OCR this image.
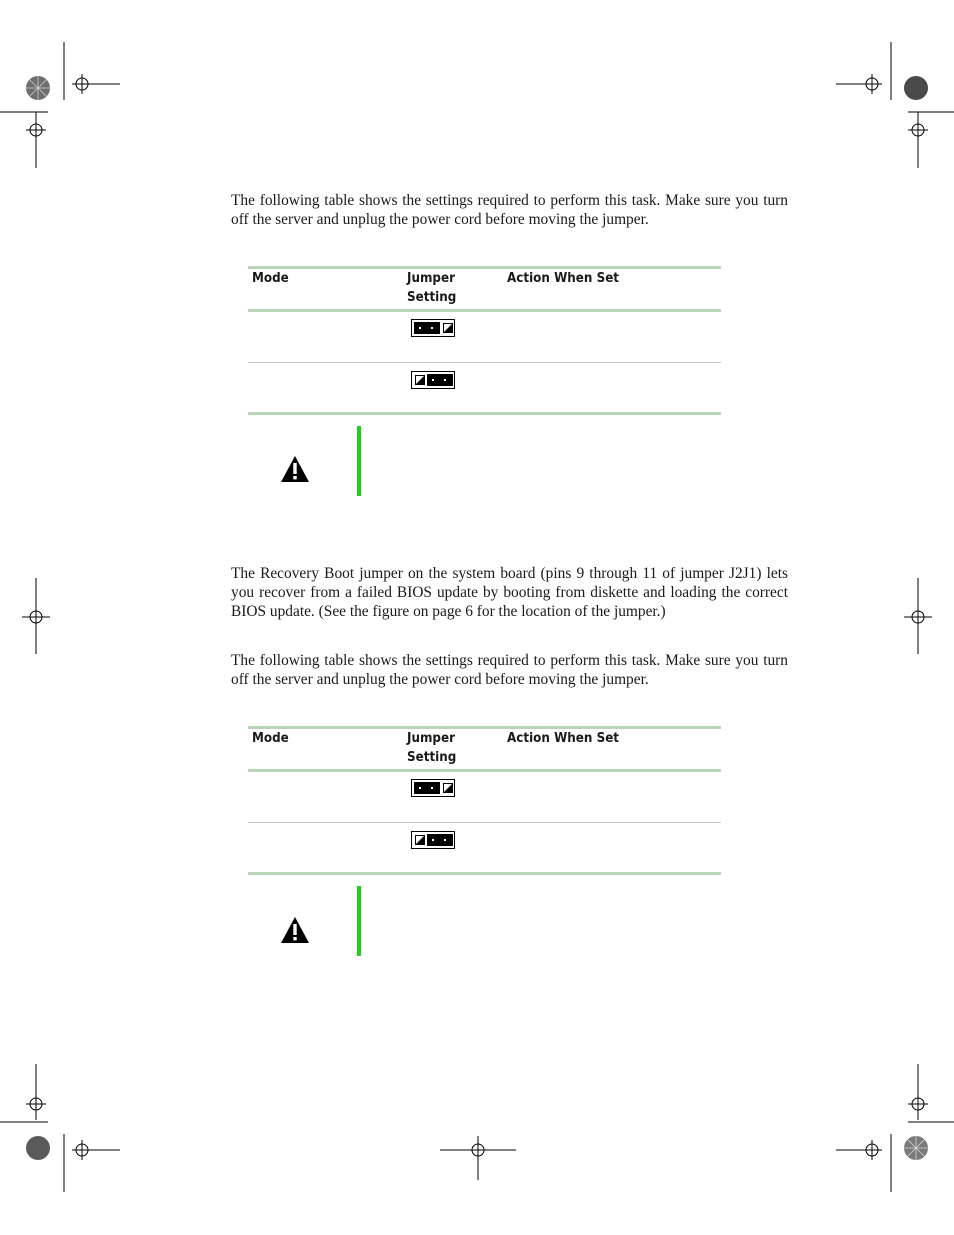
The following table shows the settings required to perform this task. Make sure you turn off the server and unplug the power cord before moving the jumper.

Mode	Jumper
Setting
Action When Set

The Recovery Boot jumper on the system board (pins 9 through 11 of jumper J2J1) lets you recover from a failed BIOS update by booting from diskette and loading the correct BIOS update. (See the figure on page 6 for the location of the jumper.)

The following table shows the settings required to perform this task. Make sure you turn off the server and unplug the power cord before moving the jumper.

Mode	Jumper
Setting
Action When Set
